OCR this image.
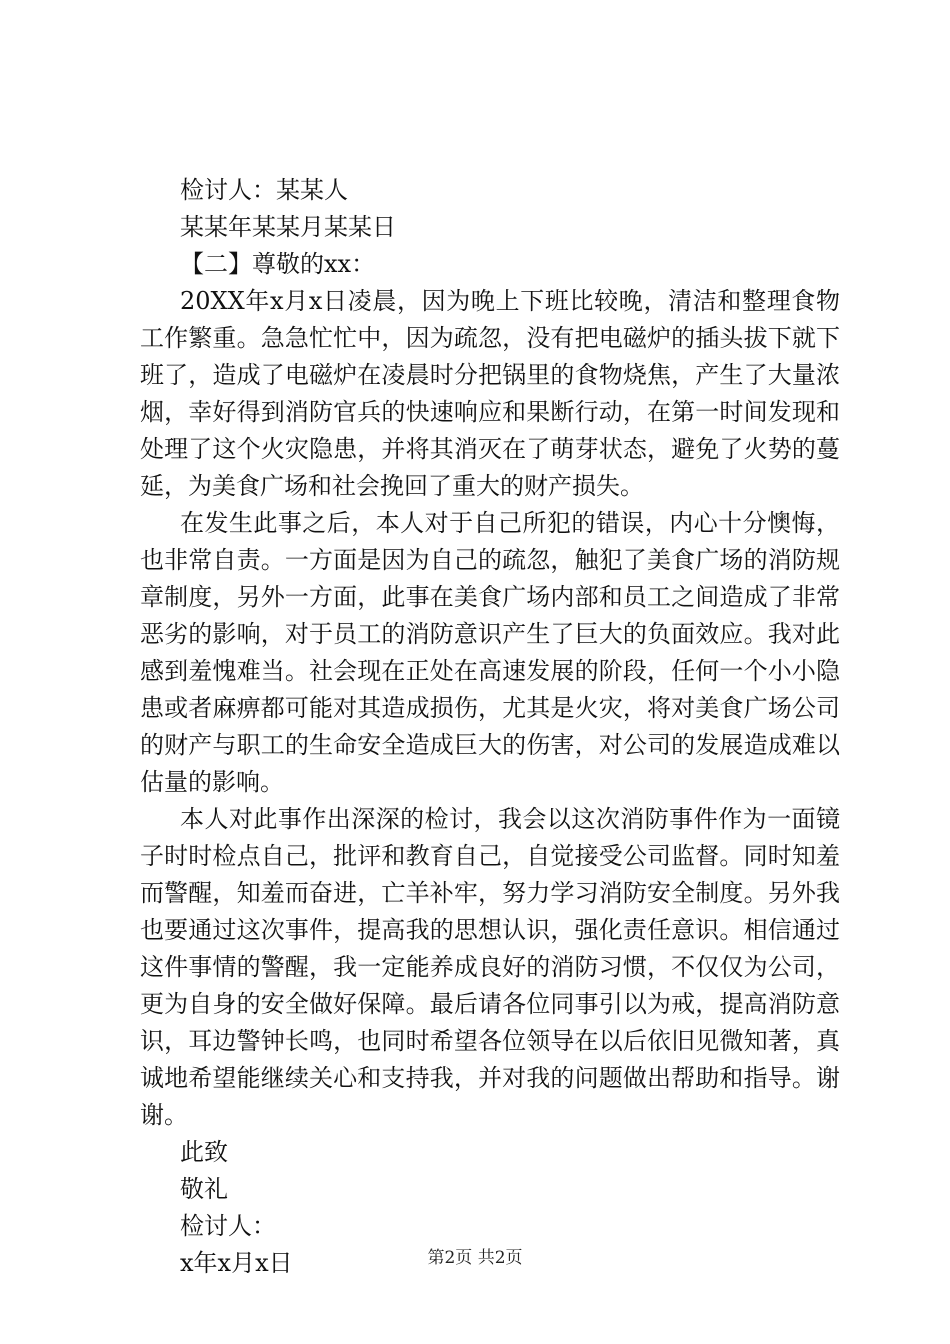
检讨人：某某人

某某年某某月某某日

【二】尊敬的xx：

20XX年x月x日凌晨，因为晚上下班比较晚，清洁和整理食物工作繁重。急急忙忙中，因为疏忽，没有把电磁炉的插头拔下就下班了，造成了电磁炉在凌晨时分把锅里的食物烧焦，产生了大量浓烟，幸好得到消防官兵的快速响应和果断行动，在第一时间发现和处理了这个火灾隐患，并将其消灭在了萌芽状态，避免了火势的蔓延，为美食广场和社会挽回了重大的财产损失。

在发生此事之后，本人对于自己所犯的错误，内心十分懊悔，也非常自责。一方面是因为自己的疏忽，触犯了美食广场的消防规章制度，另外一方面，此事在美食广场内部和员工之间造成了非常恶劣的影响，对于员工的消防意识产生了巨大的负面效应。我对此感到羞愧难当。社会现在正处在高速发展的阶段，任何一个小小隐患或者麻痹都可能对其造成损伤，尤其是火灾，将对美食广场公司的财产与职工的生命安全造成巨大的伤害，对公司的发展造成难以估量的影响。

本人对此事作出深深的检讨，我会以这次消防事件作为一面镜子时时检点自己，批评和教育自己，自觉接受公司监督。同时知羞而警醒，知羞而奋进，亡羊补牢，努力学习消防安全制度。另外我也要通过这次事件，提高我的思想认识，强化责任意识。相信通过这件事情的警醒，我一定能养成良好的消防习惯，不仅仅为公司，更为自身的安全做好保障。最后请各位同事引以为戒，提高消防意识，耳边警钟长鸣，也同时希望各位领导在以后依旧见微知著，真诚地希望能继续关心和支持我，并对我的问题做出帮助和指导。谢谢。

此致

敬礼

检讨人：

x年x月x日	第2页 共2页
